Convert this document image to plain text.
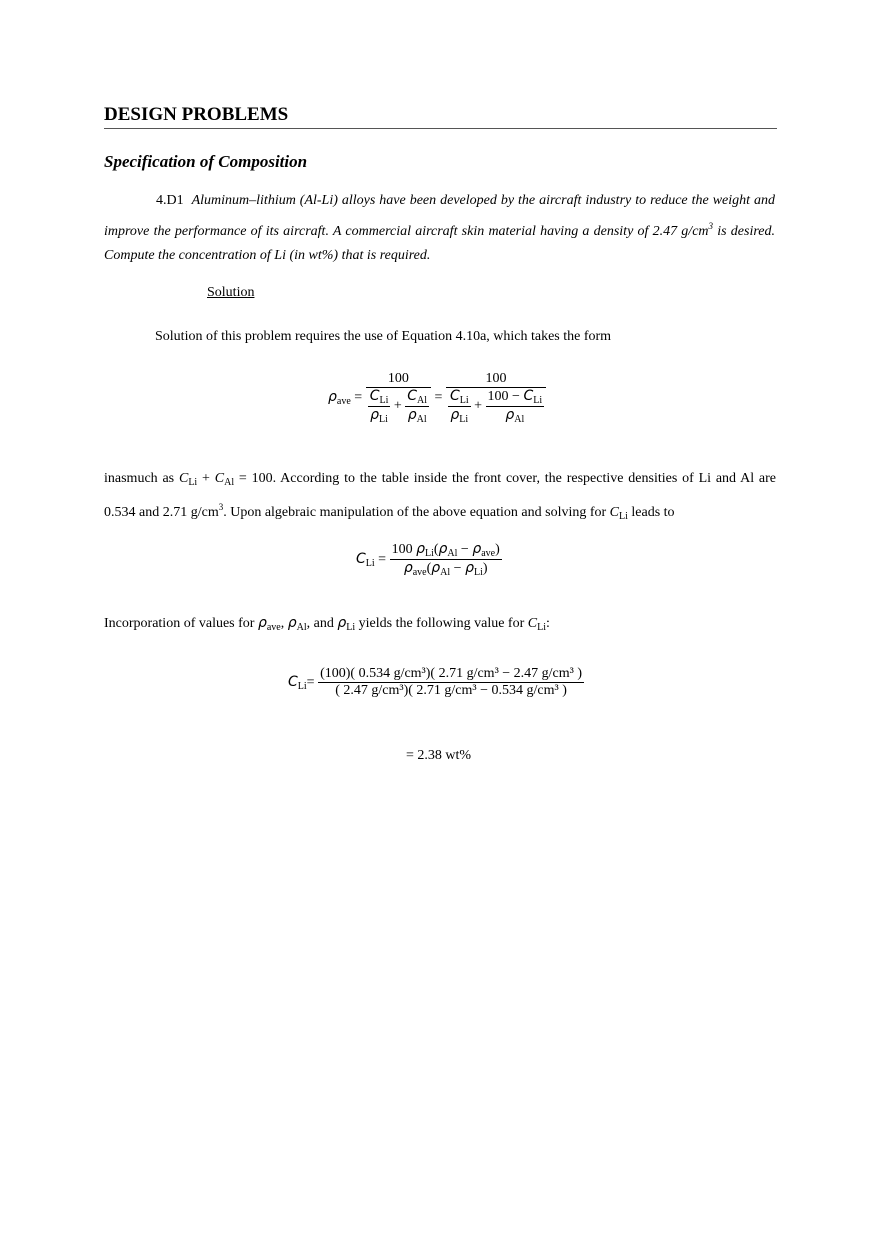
DESIGN PROBLEMS
Specification of Composition
4.D1 Aluminum–lithium (Al-Li) alloys have been developed by the aircraft industry to reduce the weight and improve the performance of its aircraft. A commercial aircraft skin material having a density of 2.47 $g/cm^3$ is desired. Compute the concentration of Li (in wt%) that is required.
Solution
Solution of this problem requires the use of Equation 4.10a, which takes the form
$\rho_{ave} = \frac{100}{\frac{C_{Li}}{\rho_{Li}} + \frac{C_{Al}}{\rho_{Al}}} = \frac{100}{\frac{C_{Li}}{\rho_{Li}} + \frac{100 - C_{Li}}{\rho_{Al}}}$
inasmuch as $C_{Li} + C_{Al} = 100$. According to the table inside the front cover, the respective densities of Li and Al are 0.534 and 2.71 $g/cm^3$. Upon algebraic manipulation of the above equation and solving for $C_{Li}$ leads to
$C_{Li} = \frac{100 \rho_{Li}(\rho_{Al} - \rho_{ave})}{\rho_{ave}(\rho_{Al} - \rho_{Li})}$
Incorporation of values for $\rho_{ave}$, $\rho_{Al}$, and $\rho_{Li}$ yields the following value for $C_{Li}$:
$C_{Li}= \frac{\text{(100)( 0.534 g/cm³)( 2.71 g/cm³ − 2.47 g/cm³ )}}{\text{( 2.47 g/cm³)( 2.71 g/cm³ − 0.534 g/cm³ )}}$
= 2.38 wt%
